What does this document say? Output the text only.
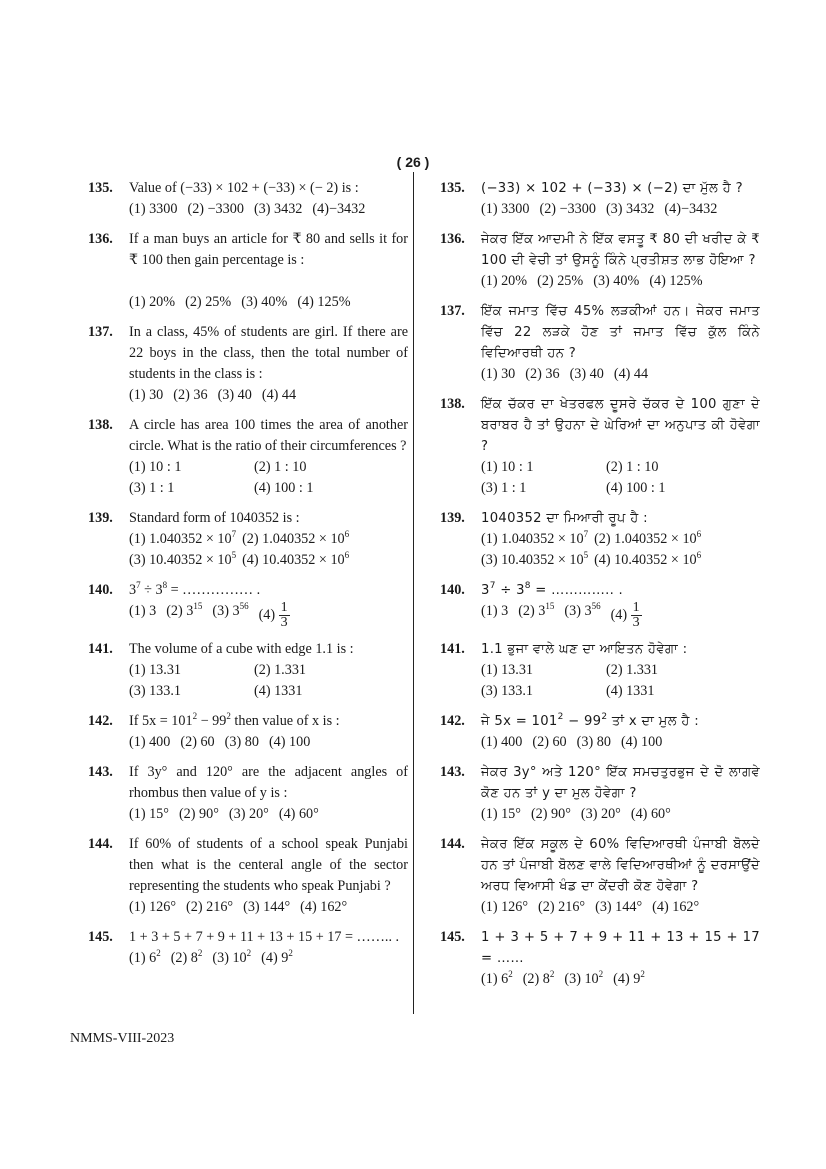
( 26 )
135. Value of (−33) × 102 + (−33) × (− 2) is :
(1) 3300 (2) −3300 (3) 3432 (4)−3432
136. If a man buys an article for ₹ 80 and sells it for ₹ 100 then gain percentage is :
(1) 20% (2) 25% (3) 40% (4) 125%
137. In a class, 45% of students are girl. If there are 22 boys in the class, then the total number of students in the class is :
(1) 30 (2) 36 (3) 40 (4) 44
138. A circle has area 100 times the area of another circle. What is the ratio of their circumferences ?
(1) 10 : 1	(2) 1 : 10
(3) 1 : 1	(4) 100 : 1
139. Standard form of 1040352 is :
(1) $1.040352 \times 10^7$ (2) $1.040352 \times 10^6$
(3) $10.40352 \times 10^5$ (4) $10.40352 \times 10^6$
140. $3^7 \div 3^8$ = …………… .
(1) 3 (2) $3^{15}$ (3) $3^{56}$
$(4) \frac{1}{3}$
141. The volume of a cube with edge 1.1 is :
(1) 13.31	(2) 1.331
(3) 133.1	(4) 1331
142. If $5x = 101^2 - 99^2$ then value of x is :
(1) 400 (2) 60 (3) 80 (4) 100
143. If 3y° and 120° are the adjacent angles of rhombus then value of y is :
(1) 15° (2) 90° (3) 20° (4) 60°
144. If 60% of students of a school speak Punjabi then what is the centeral angle of the sector representing the students who speak Punjabi ?
(1) 126° (2) 216° (3) 144° (4) 162°
145. 1 + 3 + 5 + 7 + 9 + 11 + 13 + 15 + 17 = …….. .
(1) $6^2$ (2) $8^2$ (3) $10^2$ (4) $9^2$
135. (−33) × 102 + (−33) × (−2) ਦਾ ਮੁੱਲ ਹੈ ?
(1) 3300 (2) −3300 (3) 3432 (4)−3432
136. ਜੇਕਰ ਇੱਕ ਆਦਮੀ ਨੇ ਇੱਕ ਵਸਤੂ ₹ 80 ਦੀ ਖਰੀਦ ਕੇ ₹ 100 ਦੀ ਵੇਚੀ ਤਾਂ ਉਸਨੂੰ ਕਿੰਨੇ ਪ੍ਰਤੀਸ਼ਤ ਲਾਭ ਹੋਇਆ ?
(1) 20% (2) 25% (3) 40% (4) 125%
137. ਇੱਕ ਜਮਾਤ ਵਿੱਚ 45% ਲੜਕੀਆਂ ਹਨ। ਜੇਕਰ ਜਮਾਤ ਵਿੱਚ 22 ਲੜਕੇ ਹੋਣ ਤਾਂ ਜਮਾਤ ਵਿੱਚ ਕੁੱਲ ਕਿੰਨੇ ਵਿਦਿਆਰਥੀ ਹਨ ?
(1) 30 (2) 36 (3) 40 (4) 44
138. ਇੱਕ ਚੱਕਰ ਦਾ ਖੇਤਰਫਲ ਦੂਸਰੇ ਚੱਕਰ ਦੇ 100 ਗੁਣਾ ਦੇ ਬਰਾਬਰ ਹੈ ਤਾਂ ਉਹਨਾ ਦੇ ਘੇਰਿਆਂ ਦਾ ਅਨੁਪਾਤ ਕੀ ਹੋਵੇਗਾ ?
(1) 10 : 1	(2) 1 : 10
(3) 1 : 1	(4) 100 : 1
139. 1040352 ਦਾ ਮਿਆਰੀ ਰੂਪ ਹੈ :
(1) $1.040352 \times 10^7$ (2) $1.040352 \times 10^6$
(3) $10.40352 \times 10^5$ (4) $10.40352 \times 10^6$
140. $3^7 \div 3^8$ = ………….. .
(1) 3 (2) $3^{15}$ (3) $3^{56}$
$(4) \frac{1}{3}$
141. 1.1 ਭੁਜਾ ਵਾਲੇ ਘਣ ਦਾ ਆਇਤਨ ਹੋਵੇਗਾ :
(1) 13.31	(2) 1.331
(3) 133.1	(4) 1331
142. ਜੇ $5x = 101^2 - 99^2$ ਤਾਂ x ਦਾ ਮੁਲ ਹੈ :
(1) 400 (2) 60 (3) 80 (4) 100
143. ਜੇਕਰ 3y° ਅਤੇ 120° ਇੱਕ ਸਮਚਤੁਰਭੁਜ ਦੇ ਦੋ ਲਾਗਵੇ ਕੋਣ ਹਨ ਤਾਂ y ਦਾ ਮੁਲ ਹੋਵੇਗਾ ?
(1) 15° (2) 90° (3) 20° (4) 60°
144. ਜੇਕਰ ਇੱਕ ਸਕੂਲ ਦੇ 60% ਵਿਦਿਆਰਥੀ ਪੰਜਾਬੀ ਬੋਲਦੇ ਹਨ ਤਾਂ ਪੰਜਾਬੀ ਬੋਲਣ ਵਾਲੇ ਵਿਦਿਆਰਥੀਆਂ ਨੂੰ ਦਰਸਾਉਂਦੇ ਅਰਧ ਵਿਆਸੀ ਖੰਡ ਦਾ ਕੇਂਦਰੀ ਕੋਣ ਹੋਵੇਗਾ ?
(1) 126° (2) 216° (3) 144° (4) 162°
145. 1 + 3 + 5 + 7 + 9 + 11 + 13 + 15 + 17 = ……
(1) $6^2$ (2) $8^2$ (3) $10^2$ (4) $9^2$
NMMS-VIII-2023
